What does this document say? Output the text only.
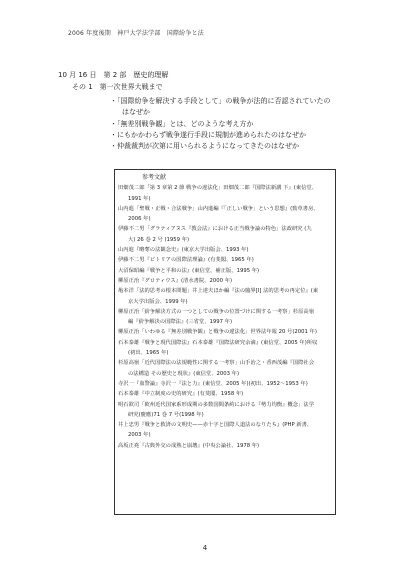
2006 年度後期　神戸大学法学部　国際紛争と法
10 月 16 日　第 2 部　歴史的理解
その 1　第一次世界大戦まで
・「国際紛争を解決する手段として」の戦争が法的に否認されていたの
はなぜか
・「無差別戦争観」とは、どのような考え方か
・にもかかわらず戦争遂行手段に規制が進められたのはなぜか
・仲裁裁判が次第に用いられるようになってきたのはなぜか
参考文献
田畑茂二郎「第 3 章第 2 節 戦争の違法化」田畑茂二郎『国際法新講 下』(東信堂、
1991 年)
山内進「聖戦・正戦・合法戦争」山内進編『「正しい戦争」という思想』(勁草書房、
2006 年)
伊藤不二男「グラティアヌス『教会法』における正当戦争論の特色」法政研究 (九
大) 26 巻 2 号 (1959 年)
山内進『略奪の法観念史』(東京大学出版会、1993 年)
伊藤不二男『ビトリアの国際法理論』(有斐閣、1965 年)
大沼保昭編『戦争と平和の法』(東信堂、補正版、1995 年)
柳原正治『グロティウス』(清水書院、2000 年)
亀本洋「法的思考の根本問題」井上達夫ほか編『法の臨界[I] 法的思考の再定位』(東
京大学出版会、1999 年)
柳原正治「紛争解決方式の一つとしての戦争の位置づけに関する一考察」杉原高嶺
編『紛争解決の国際法』(三省堂、1997 年)
柳原正治「いわゆる『無差別戦争観』と戦争の違法化」世界法年報 20 号(2001 年)
石本泰雄『戦争と現代国際法』石本泰雄『国際法研究余滴』(東信堂、2005 年)所収
(初出、1965 年)
杉原高嶺「近代国際法の法規範性に関する一考察」山手治之・香西茂編『国際社会
の法構造 その歴史と現状』(東信堂、2003 年)
寺沢一『血警論』寺沢一『法と力』(東信堂、2005 年)(初出、1952〜1953 年)
石本泰雄『中立制度の史的研究』(有斐閣、1958 年)
明石欽司「欧州近代国家系形成期の多数国間条約における『勢力均衡』概念」法学
研究(慶應)71 巻 7 号(1998 年)
井上忠男『戦争と救済の文明史——赤十字と国際人道法のなりたち』(PHP 新書、
2003 年)
高坂正堯『古典外交の成熟と崩壊』(中央公論社、1978 年)
4
